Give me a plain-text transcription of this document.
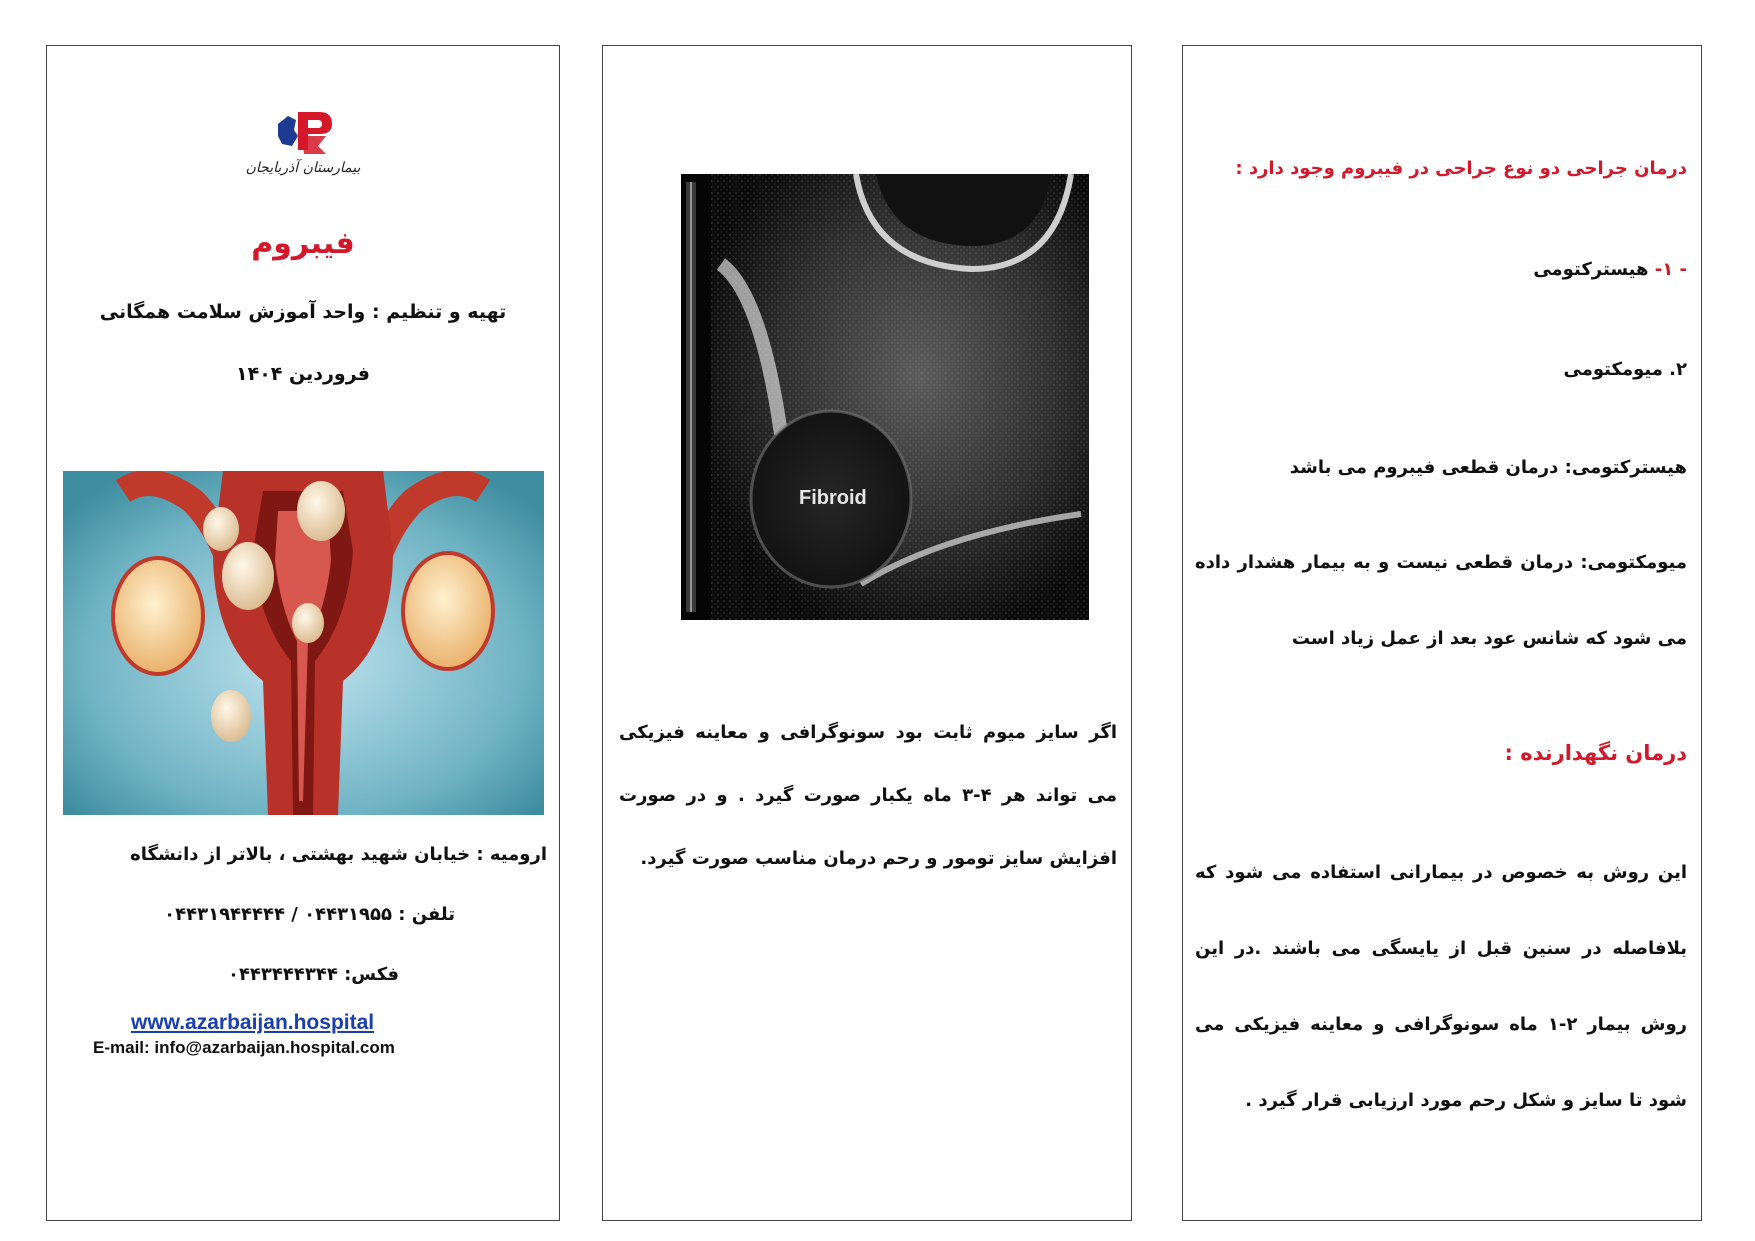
بیمارستان آذربایجان
فیبروم
تهیه و تنظیم : واحد آموزش سلامت همگانی
فروردین ۱۴۰۴
ارومیه : خیابان شهید بهشتی ، بالاتر از دانشگاه
تلفن : ۰۴۴۳۱۹۵۵ / ۰۴۴۳۱۹۴۴۴۴۴
فکس: ۰۴۴۳۴۴۴۳۴۴
www.azarbaijan.hospital
E-mail: info@azarbaijan.hospital.com
Fibroid
اگر سایز میوم ثابت بود سونوگرافی و معاینه فیزیکی می تواند هر ۴-۳ ماه یکبار صورت گیرد . و در صورت افزایش سایز تومور و رحم درمان مناسب صورت گیرد.
درمان جراحی دو نوع جراحی در فیبروم وجود دارد :
- ۱- هیسترکتومی
۲. میومکتومی
هیسترکتومی: درمان قطعی فیبروم می باشد
میومکتومی: درمان قطعی نیست و به بیمار هشدار داده می شود که شانس عود بعد از عمل زیاد است
درمان نگهدارنده :
این روش به خصوص در بیمارانی استفاده می شود که بلافاصله در سنین قبل از یایسگی می باشند .در این روش بیمار ۲-۱ ماه سونوگرافی و معاینه فیزیکی می شود تا سایز و شکل رحم مورد ارزیابی قرار گیرد .
